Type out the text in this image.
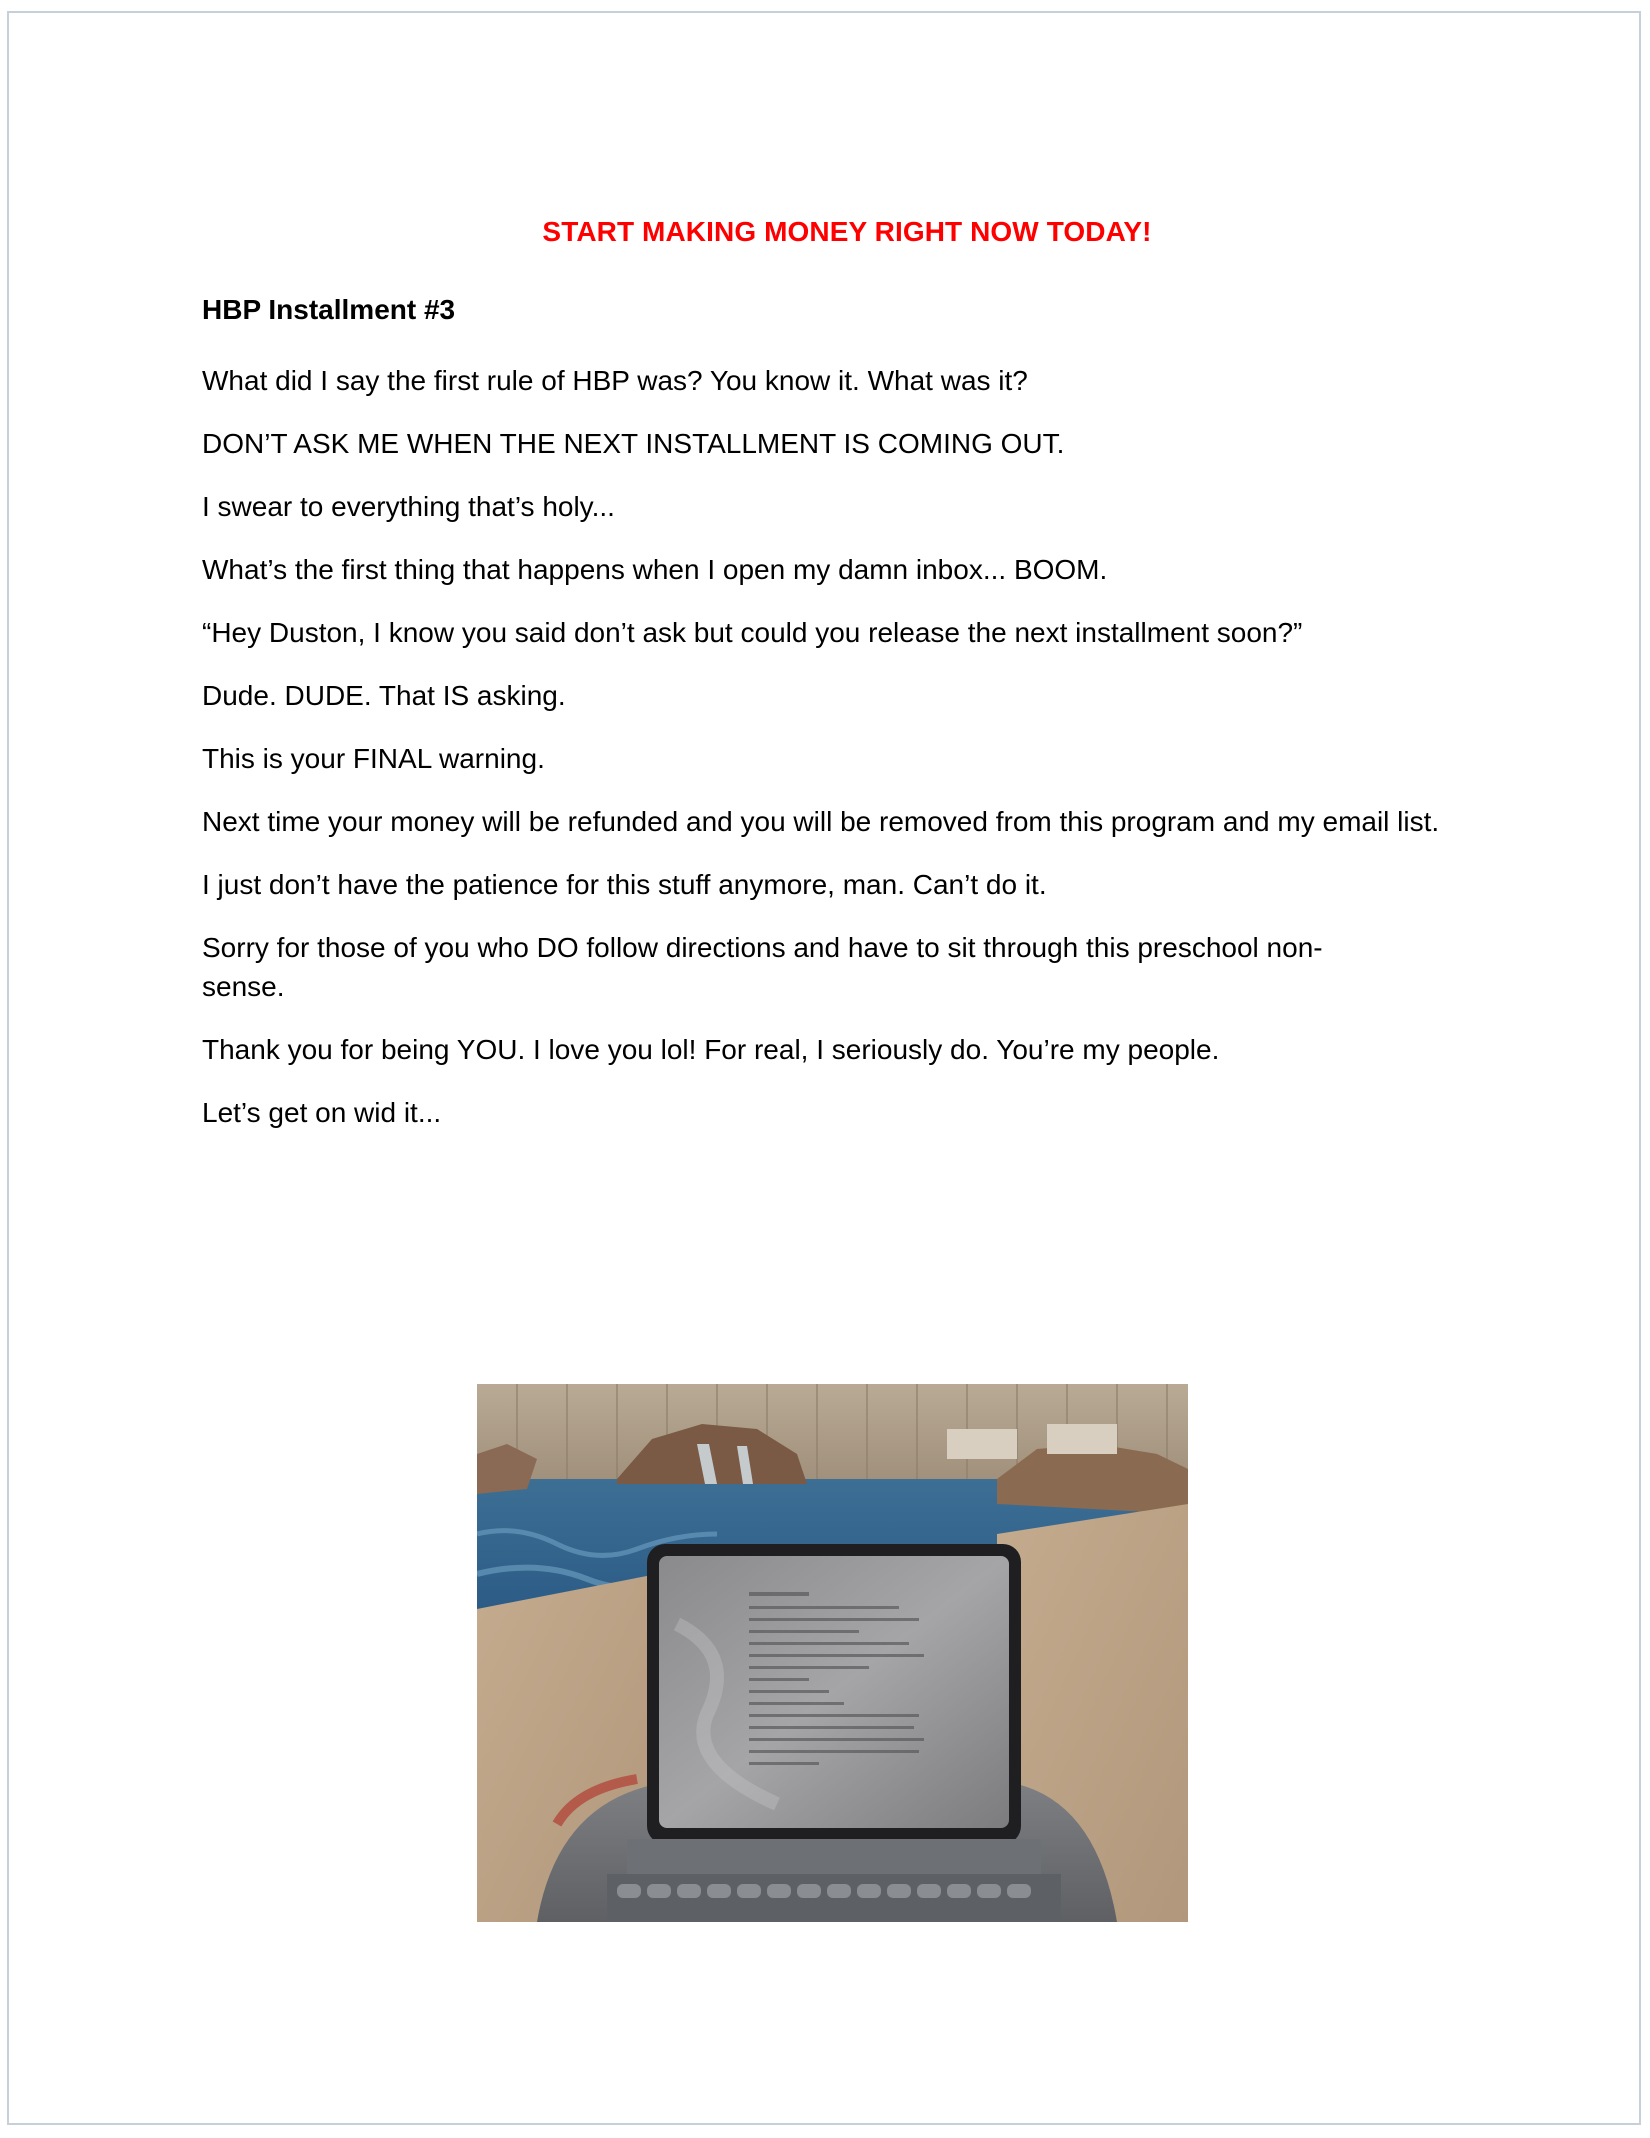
START MAKING MONEY RIGHT NOW TODAY!
HBP Installment #3

What did I say the first rule of HBP was? You know it. What was it?

DON’T ASK ME WHEN THE NEXT INSTALLMENT IS COMING OUT.

I swear to everything that’s holy...

What’s the first thing that happens when I open my damn inbox... BOOM.

“Hey Duston, I know you said don’t ask but could you release the next installment soon?”

Dude. DUDE. That IS asking.

This is your FINAL warning.

Next time your money will be refunded and you will be removed from this program and my email list.

I just don’t have the patience for this stuff anymore, man. Can’t do it.

Sorry for those of you who DO follow directions and have to sit through this preschool non-sense.

Thank you for being YOU. I love you lol! For real, I seriously do. You’re my people.

Let’s get on wid it...
